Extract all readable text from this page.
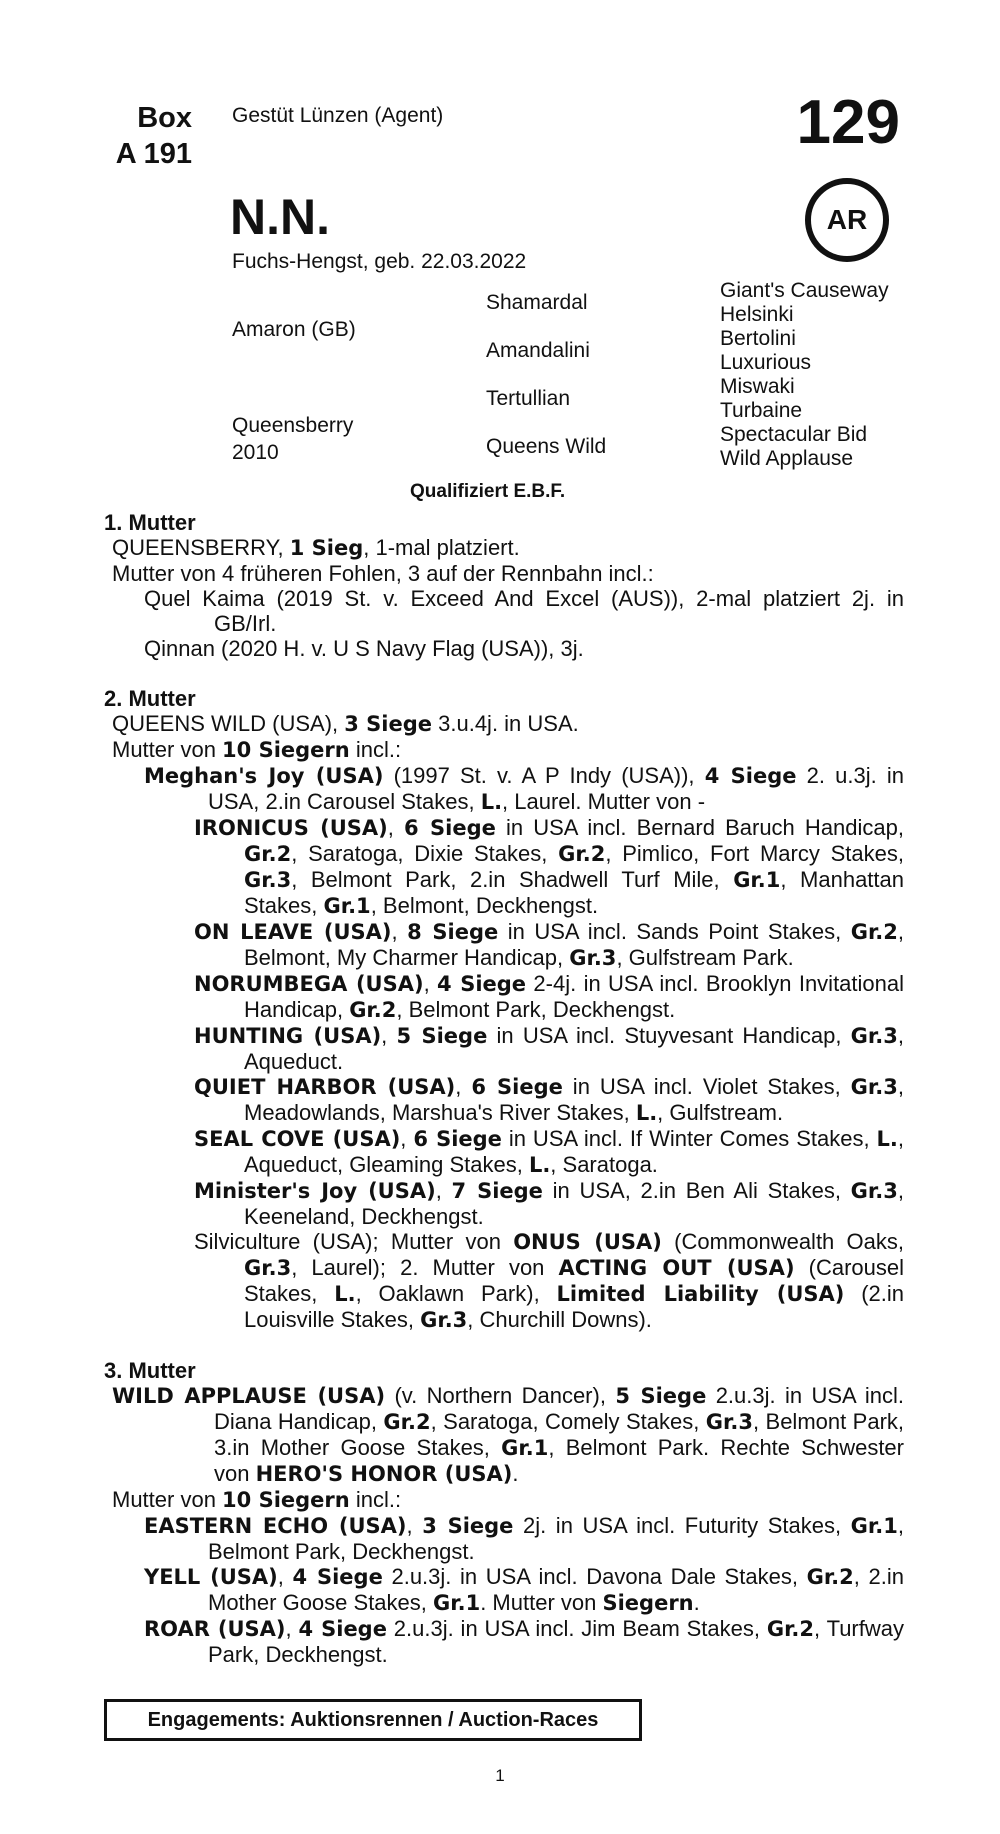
Box
A 191
Gestüt Lünzen (Agent)	129
AR
N.N.
Fuchs-Hengst, geb. 22.03.2022
Amaron (GB)
Queensberry
2010
Shamardal
Amandalini
Tertullian
Queens Wild
Giant's Causeway
Helsinki
Bertolini
Luxurious
Miswaki
Turbaine
Spectacular Bid
Wild Applause
Qualifiziert E.B.F.
1. Mutter
QUEENSBERRY, 1 Sieg, 1-mal platziert.
Mutter von 4 früheren Fohlen, 3 auf der Rennbahn incl.:
Quel Kaima (2019 St. v. Exceed And Excel (AUS)), 2-mal platziert 2j. in GB/Irl.
Qinnan (2020 H. v. U S Navy Flag (USA)), 3j.
2. Mutter
QUEENS WILD (USA), 3 Siege 3.u.4j. in USA.
Mutter von 10 Siegern incl.:
Meghan's Joy (USA) (1997 St. v. A P Indy (USA)), 4 Siege 2. u.3j. in USA, 2.in Carousel Stakes, L., Laurel. Mutter von -
IRONICUS (USA), 6 Siege in USA incl. Bernard Baruch Handicap, Gr.2, Saratoga, Dixie Stakes, Gr.2, Pimlico, Fort Marcy Stakes, Gr.3, Belmont Park, 2.in Shadwell Turf Mile, Gr.1, Manhattan Stakes, Gr.1, Belmont, Deckhengst.
ON LEAVE (USA), 8 Siege in USA incl. Sands Point Stakes, Gr.2, Belmont, My Charmer Handicap, Gr.3, Gulfstream Park.
NORUMBEGA (USA), 4 Siege 2-4j. in USA incl. Brooklyn Invitational Handicap, Gr.2, Belmont Park, Deckhengst.
HUNTING (USA), 5 Siege in USA incl. Stuyvesant Handicap, Gr.3, Aqueduct.
QUIET HARBOR (USA), 6 Siege in USA incl. Violet Stakes, Gr.3, Meadowlands, Marshua's River Stakes, L., Gulfstream.
SEAL COVE (USA), 6 Siege in USA incl. If Winter Comes Stakes, L., Aqueduct, Gleaming Stakes, L., Saratoga.
Minister's Joy (USA), 7 Siege in USA, 2.in Ben Ali Stakes, Gr.3, Keeneland, Deckhengst.
Silviculture (USA); Mutter von ONUS (USA) (Commonwealth Oaks, Gr.3, Laurel); 2. Mutter von ACTING OUT (USA) (Carousel Stakes, L., Oaklawn Park), Limited Liability (USA) (2.in Louisville Stakes, Gr.3, Churchill Downs).
3. Mutter
WILD APPLAUSE (USA) (v. Northern Dancer), 5 Siege 2.u.3j. in USA incl. Diana Handicap, Gr.2, Saratoga, Comely Stakes, Gr.3, Belmont Park, 3.in Mother Goose Stakes, Gr.1, Belmont Park. Rechte Schwester von HERO'S HONOR (USA).
Mutter von 10 Siegern incl.:
EASTERN ECHO (USA), 3 Siege 2j. in USA incl. Futurity Stakes, Gr.1, Belmont Park, Deckhengst.
YELL (USA), 4 Siege 2.u.3j. in USA incl. Davona Dale Stakes, Gr.2, 2.in Mother Goose Stakes, Gr.1. Mutter von Siegern.
ROAR (USA), 4 Siege 2.u.3j. in USA incl. Jim Beam Stakes, Gr.2, Turfway Park, Deckhengst.
Engagements: Auktionsrennen / Auction-Races
1
